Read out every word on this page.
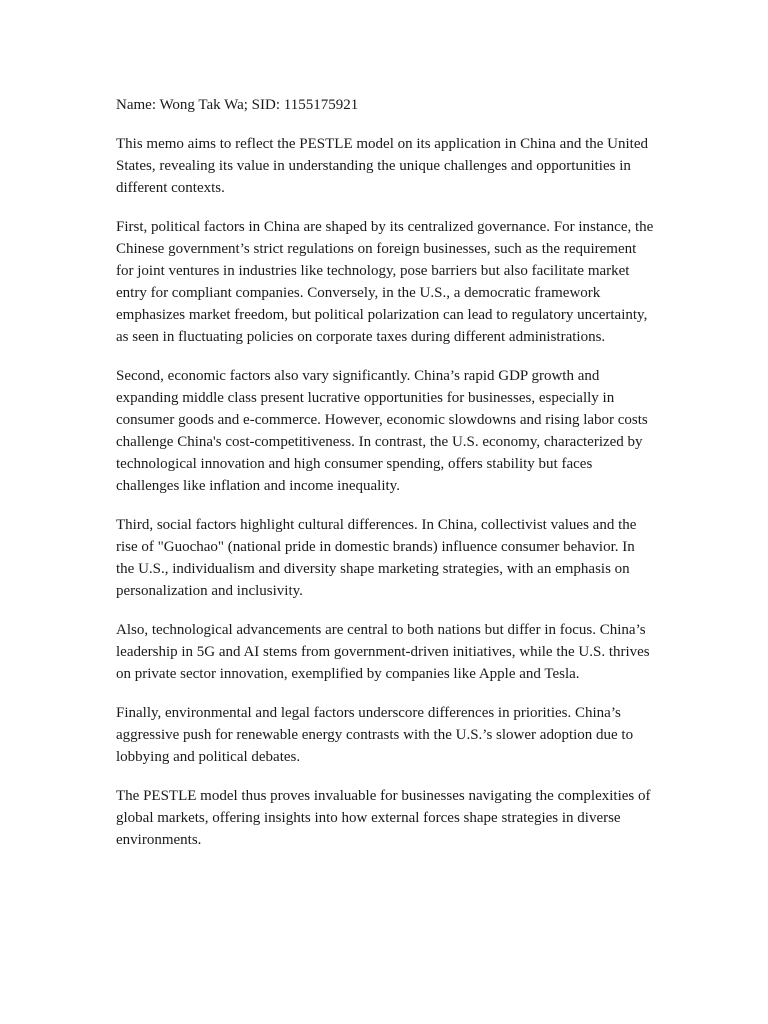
Name: Wong Tak Wa; SID: 1155175921

This memo aims to reflect the PESTLE model on its application in China and the United States, revealing its value in understanding the unique challenges and opportunities in different contexts.

First, political factors in China are shaped by its centralized governance. For instance, the Chinese government’s strict regulations on foreign businesses, such as the requirement for joint ventures in industries like technology, pose barriers but also facilitate market entry for compliant companies. Conversely, in the U.S., a democratic framework emphasizes market freedom, but political polarization can lead to regulatory uncertainty, as seen in fluctuating policies on corporate taxes during different administrations.

Second, economic factors also vary significantly. China’s rapid GDP growth and expanding middle class present lucrative opportunities for businesses, especially in consumer goods and e-commerce. However, economic slowdowns and rising labor costs challenge China's cost-competitiveness. In contrast, the U.S. economy, characterized by technological innovation and high consumer spending, offers stability but faces challenges like inflation and income inequality.

Third, social factors highlight cultural differences. In China, collectivist values and the rise of "Guochao" (national pride in domestic brands) influence consumer behavior. In the U.S., individualism and diversity shape marketing strategies, with an emphasis on personalization and inclusivity.

Also, technological advancements are central to both nations but differ in focus. China’s leadership in 5G and AI stems from government-driven initiatives, while the U.S. thrives on private sector innovation, exemplified by companies like Apple and Tesla.

Finally, environmental and legal factors underscore differences in priorities. China’s aggressive push for renewable energy contrasts with the U.S.’s slower adoption due to lobbying and political debates.

The PESTLE model thus proves invaluable for businesses navigating the complexities of global markets, offering insights into how external forces shape strategies in diverse environments.
